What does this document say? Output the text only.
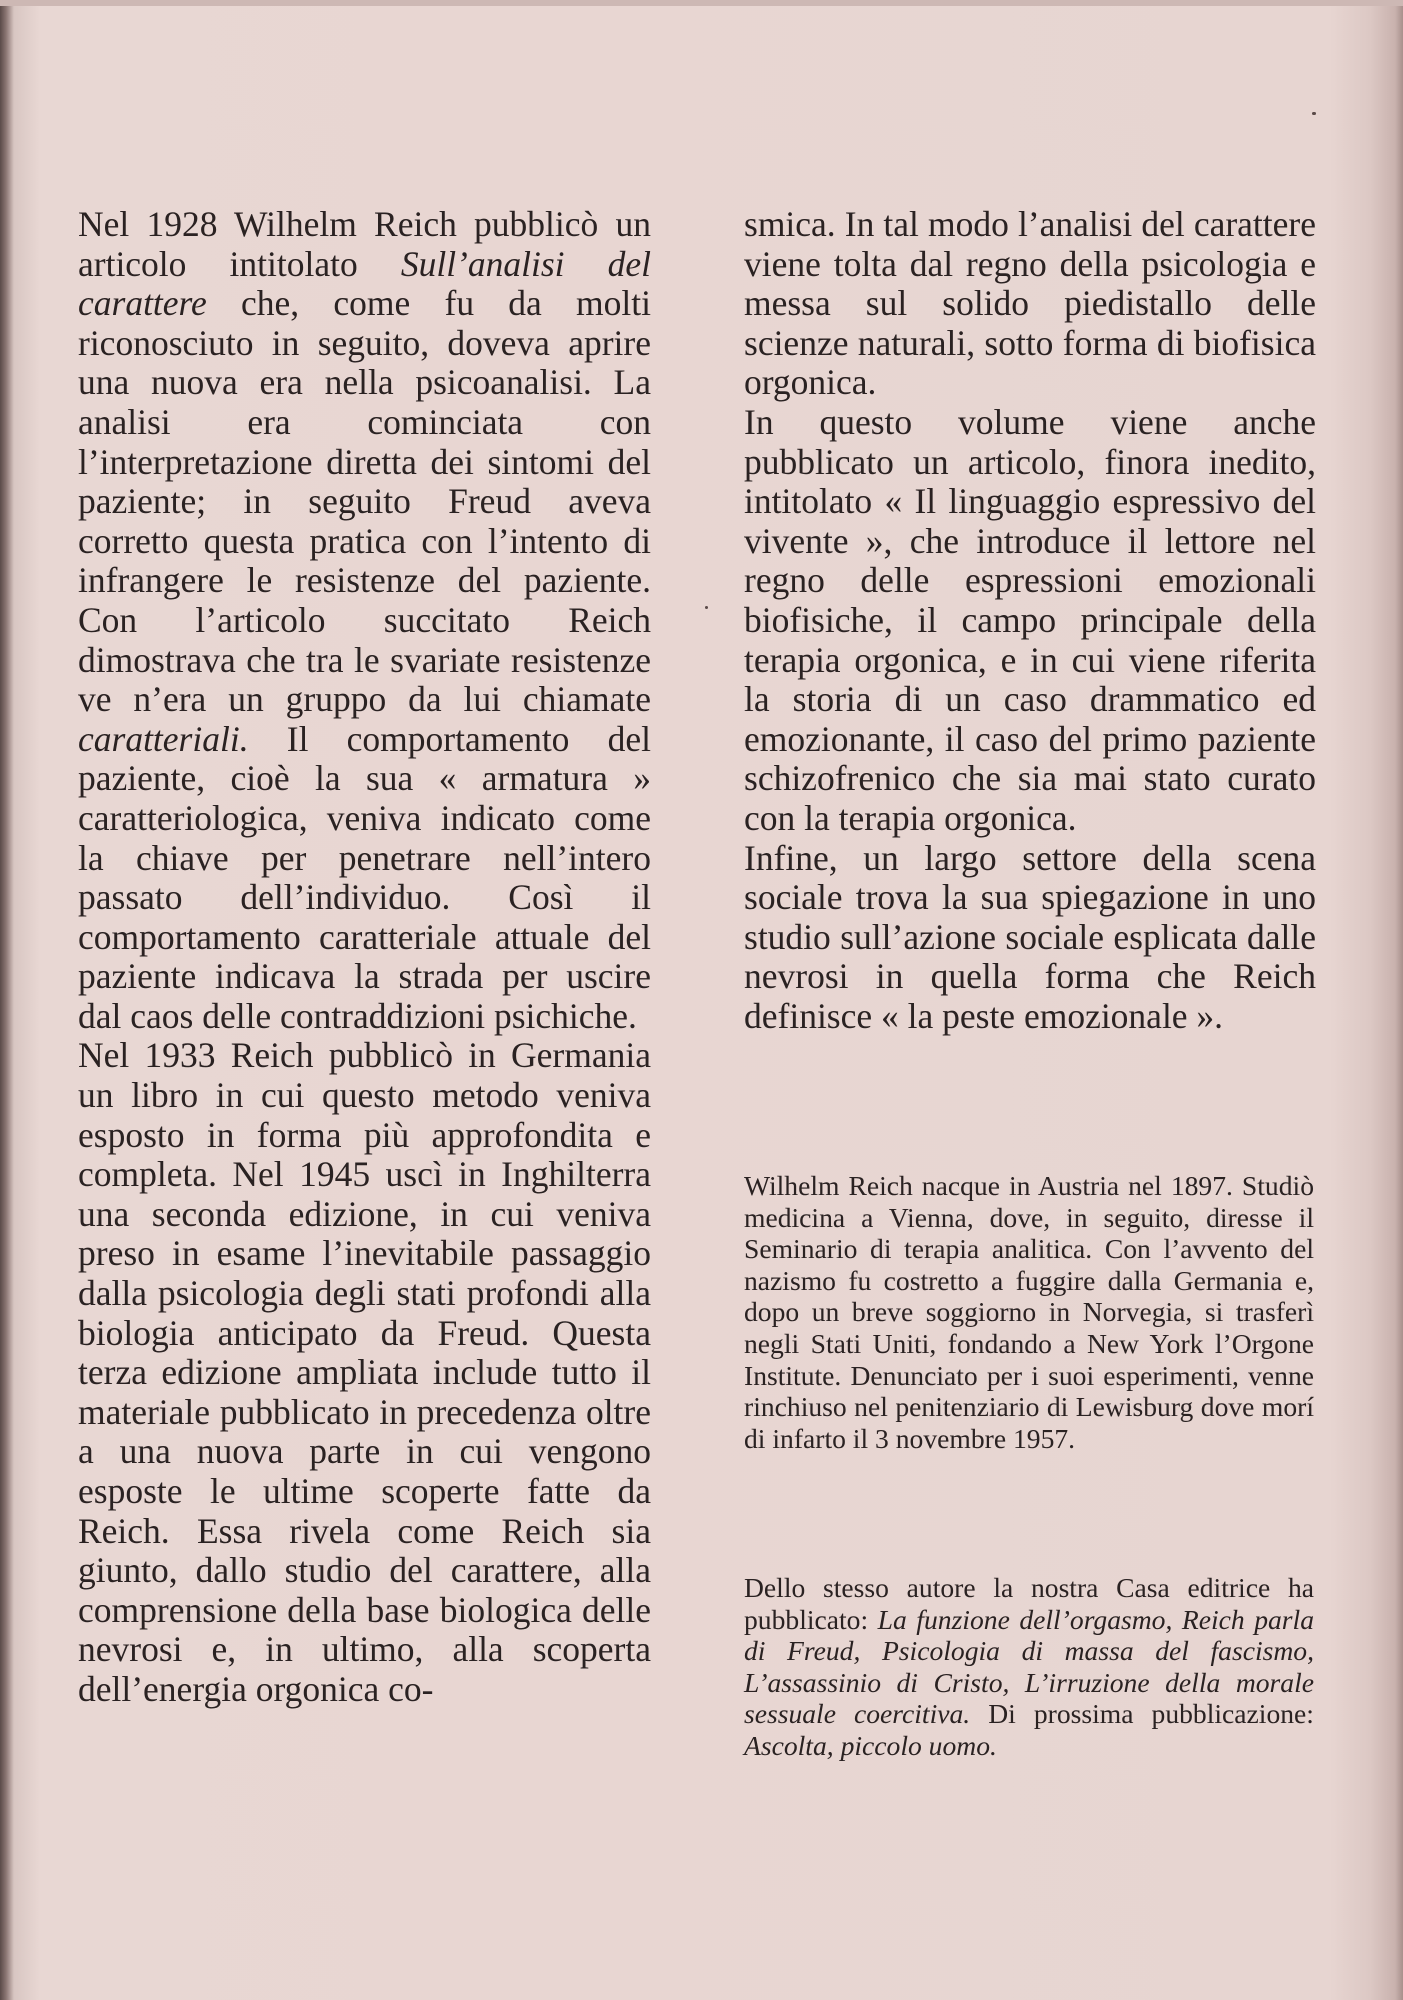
Nel 1928 Wilhelm Reich pubblicò un articolo intitolato Sull’analisi del carattere che, come fu da molti riconosciuto in seguito, doveva aprire una nuova era nella psicoanalisi. La analisi era cominciata con l’interpretazione diretta dei sintomi del paziente; in seguito Freud aveva corretto questa pratica con l’intento di infrangere le resistenze del paziente. Con l’articolo succitato Reich dimostrava che tra le svariate resistenze ve n’era un gruppo da lui chiamate caratteriali. Il comportamento del paziente, cioè la sua « armatura » caratteriologica, veniva indicato come la chiave per penetrare nell’intero passato dell’individuo. Così il comportamento caratteriale attuale del paziente indicava la strada per uscire dal caos delle contraddizioni psichiche.

Nel 1933 Reich pubblicò in Germania un libro in cui questo metodo veniva esposto in forma più approfondita e completa. Nel 1945 uscì in Inghilterra una seconda edizione, in cui veniva preso in esame l’inevitabile passaggio dalla psicologia degli stati profondi alla biologia anticipato da Freud. Questa terza edizione ampliata include tutto il materiale pubblicato in precedenza oltre a una nuova parte in cui vengono esposte le ultime scoperte fatte da Reich. Essa rivela come Reich sia giunto, dallo studio del carattere, alla comprensione della base biologica delle nevrosi e, in ultimo, alla scoperta dell’energia orgonica co-

smica. In tal modo l’analisi del carattere viene tolta dal regno della psicologia e messa sul solido piedistallo delle scienze naturali, sotto forma di biofisica orgonica.

In questo volume viene anche pubblicato un articolo, finora inedito, intitolato « Il linguaggio espressivo del vivente », che introduce il lettore nel regno delle espressioni emozionali biofisiche, il campo principale della terapia orgonica, e in cui viene riferita la storia di un caso drammatico ed emozionante, il caso del primo paziente schizofrenico che sia mai stato curato con la terapia orgonica.

Infine, un largo settore della scena sociale trova la sua spiegazione in uno studio sull’azione sociale esplicata dalle nevrosi in quella forma che Reich definisce « la peste emozionale ».

Wilhelm Reich nacque in Austria nel 1897. Studiò medicina a Vienna, dove, in seguito, diresse il Seminario di terapia analitica. Con l’avvento del nazismo fu costretto a fuggire dalla Germania e, dopo un breve soggiorno in Norvegia, si trasferì negli Stati Uniti, fondando a New York l’Orgone Institute. Denunciato per i suoi esperimenti, venne rinchiuso nel penitenziario di Lewisburg dove morí di infarto il 3 novembre 1957.

Dello stesso autore la nostra Casa editrice ha pubblicato: La funzione dell’orgasmo, Reich parla di Freud, Psicologia di massa del fascismo, L’assassinio di Cristo, L’irruzione della morale sessuale coercitiva. Di prossima pubblicazione: Ascolta, piccolo uomo.
